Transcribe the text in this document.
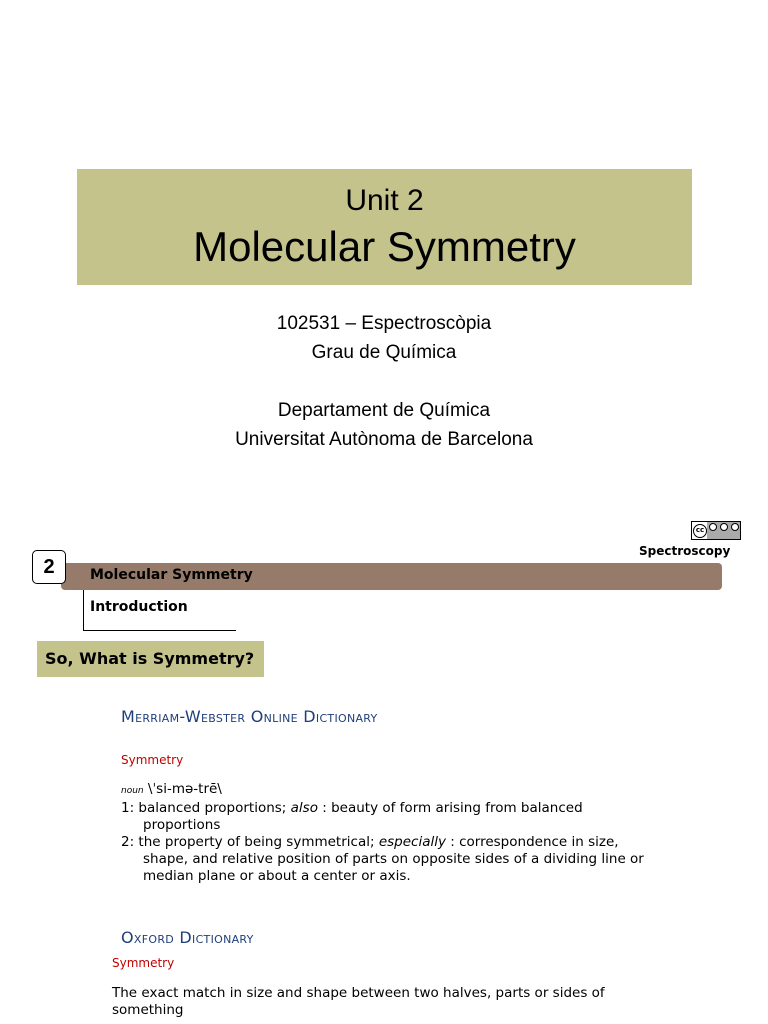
Unit 2
Molecular Symmetry
102531 – Espectroscòpia
Grau de Química
Departament de Química
Universitat Autònoma de Barcelona
cc
Spectroscopy
2	Molecular Symmetry
Introduction
So, What is Symmetry?
Merriam-Webster Online Dictionary
Symmetry
noun \ˈsi-mə-trē\
1: balanced proportions; also : beauty of form arising from balanced
proportions
2: the property of being symmetrical; especially : correspondence in size,
shape, and relative position of parts on opposite sides of a dividing line or
median plane or about a center or axis.
Oxford Dictionary
Symmetry
The exact match in size and shape between two halves, parts or sides of
something
